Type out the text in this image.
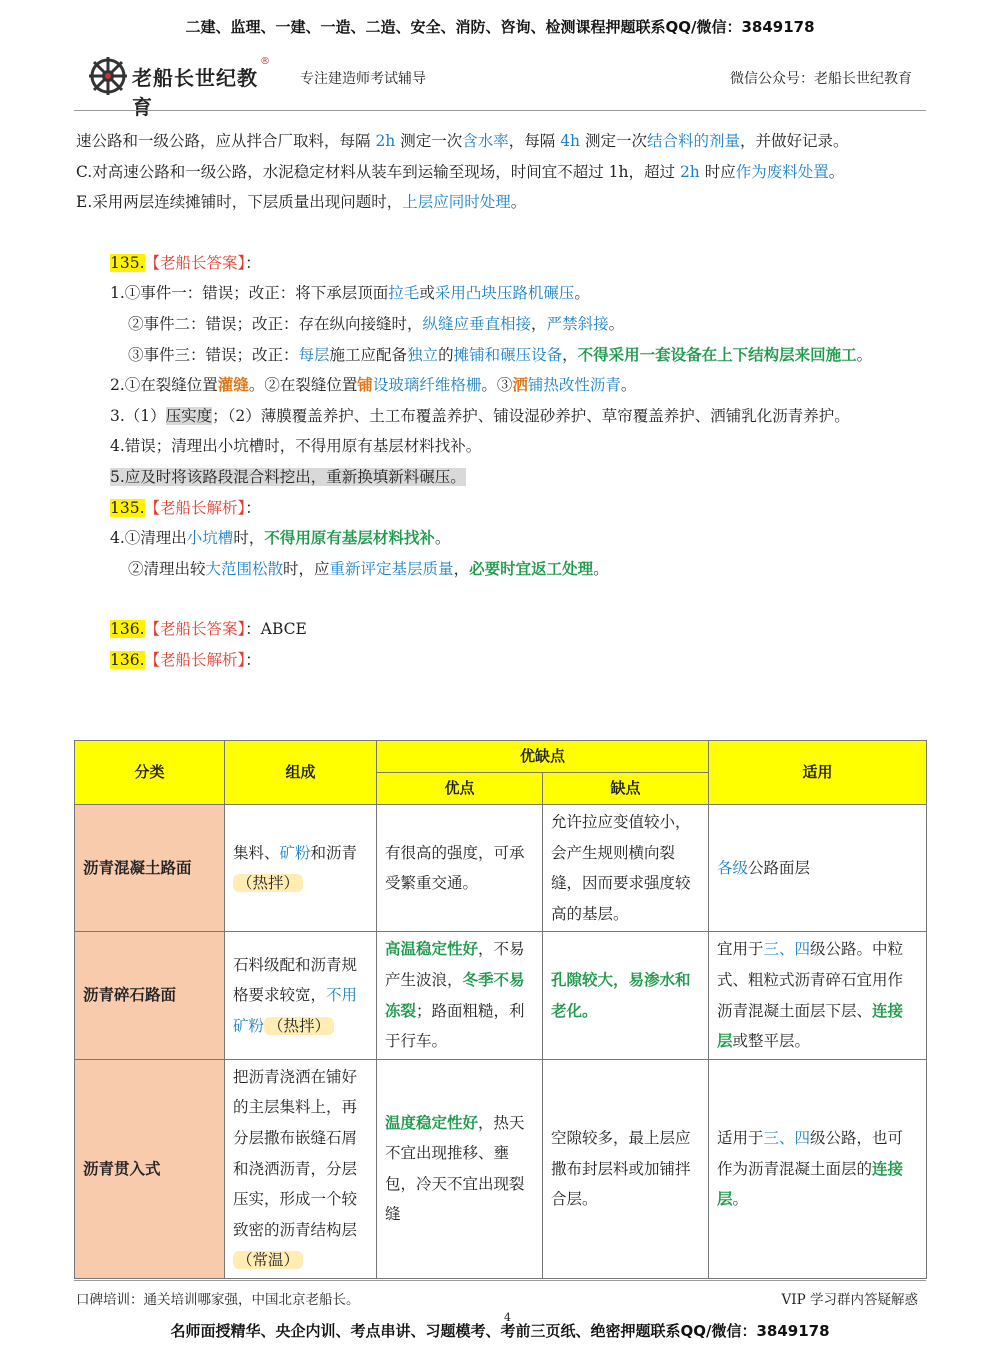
二建、监理、一建、一造、二造、安全、消防、咨询、检测课程押题联系QQ/微信：3849178
老船长世纪教育
®
专注建造师考试辅导	微信公众号：老船长世纪教育
速公路和一级公路，应从拌合厂取料，每隔 2h 测定一次含水率，每隔 4h 测定一次结合料的剂量，并做好记录。
C.对高速公路和一级公路，水泥稳定材料从装车到运输至现场，时间宜不超过 1h，超过 2h 时应作为废料处置。
E.采用两层连续摊铺时，下层质量出现问题时，上层应同时处理。
135.【老船长答案】：
1.①事件一：错误；改正：将下承层顶面拉毛或采用凸块压路机碾压。
②事件二：错误；改正：存在纵向接缝时，纵缝应垂直相接，严禁斜接。
③事件三：错误；改正：每层施工应配备独立的摊铺和碾压设备，不得采用一套设备在上下结构层来回施工。
2.①在裂缝位置灌缝。②在裂缝位置铺设玻璃纤维格栅。③洒铺热改性沥青。
3.（1）压实度；（2）薄膜覆盖养护、土工布覆盖养护、铺设湿砂养护、草帘覆盖养护、洒铺乳化沥青养护。
4.错误；清理出小坑槽时，不得用原有基层材料找补。
5.应及时将该路段混合料挖出，重新换填新料碾压。
135.【老船长解析】：
4.①清理出小坑槽时，不得用原有基层材料找补。
②清理出较大范围松散时，应重新评定基层质量，必要时宜返工处理。
136.【老船长答案】：ABCE
136.【老船长解析】：
分类	组成	优缺点		适用
		优点	缺点	
沥青混凝土路面	集料、矿粉和沥青（热拌）	有很高的强度，可承受繁重交通。	允许拉应变值较小，会产生规则横向裂缝，因而要求强度较高的基层。	各级公路面层
沥青碎石路面	石料级配和沥青规格要求较宽，不用矿粉 （热拌）	高温稳定性好，不易产生波浪，冬季不易冻裂；路面粗糙，利于行车。	孔隙较大，易渗水和老化。	宜用于三、四级公路。中粒式、粗粒式沥青碎石宜用作沥青混凝土面层下层、连接层或整平层。
沥青贯入式	把沥青浇洒在铺好的主层集料上，再分层撒布嵌缝石屑和浇洒沥青，分层压实，形成一个较致密的沥青结构层（常温）	温度稳定性好，热天不宜出现推移、壅包，冷天不宜出现裂缝	空隙较多，最上层应撒布封层料或加铺拌合层。	适用于三、四级公路，也可作为沥青混凝土面层的连接层。
口碑培训：通关培训哪家强，中国北京老船长。	VIP 学习群内答疑解惑
4
名师面授精华、央企内训、考点串讲、习题模考、考前三页纸、绝密押题联系QQ/微信：3849178
